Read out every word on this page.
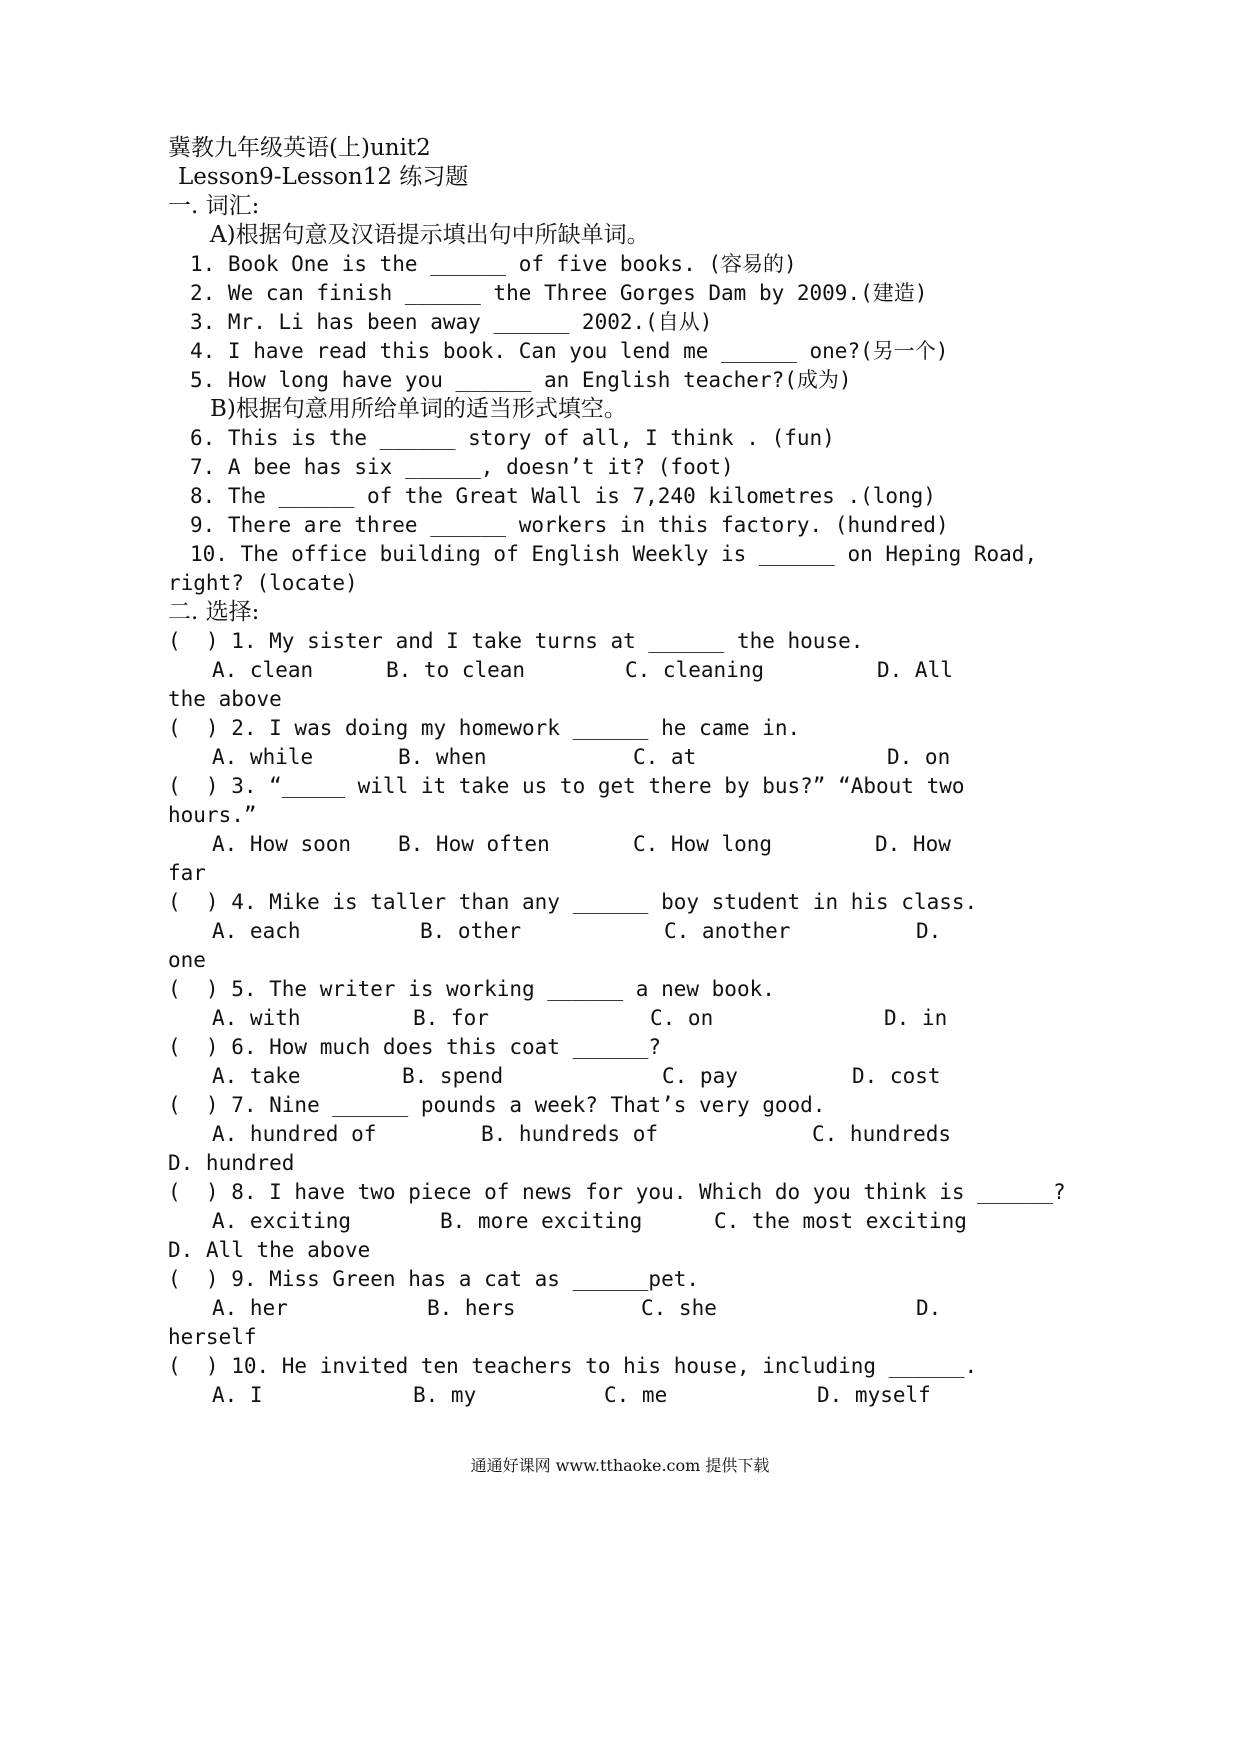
冀教九年级英语(上)unit2
Lesson9-Lesson12 练习题
一. 词汇:
A)根据句意及汉语提示填出句中所缺单词。
1. Book One is the ______ of five books. (容易的)
2. We can finish ______ the Three Gorges Dam by 2009.(建造)
3. Mr. Li has been away ______ 2002.(自从)
4. I have read this book. Can you lend me ______ one?(另一个)
5. How long have you ______ an English teacher?(成为)
B)根据句意用所给单词的适当形式填空。
6. This is the ______ story of all, I think . (fun)
7. A bee has six ______, doesn’t it? (foot)
8. The ______ of the Great Wall is 7,240 kilometres .(long)
9. There are three ______ workers in this factory. (hundred)
10. The office building of English Weekly is ______ on Heping Road,
right? (locate)
二. 选择:
(  ) 1. My sister and I take turns at ______ the house.
A. clean	B. to clean	C. cleaning	D. All
the above
(  ) 2. I was doing my homework ______ he came in.
A. while	B. when	C. at	D. on
(  ) 3. “_____ will it take us to get there by bus?” “About two
hours.”
A. How soon B. How often	C. How long	D. How
far
(  ) 4. Mike is taller than any ______ boy student in his class.
A. each	B. other	C. another	D.
one
(  ) 5. The writer is working ______ a new book.
A. with	B. for	C. on	D. in
(  ) 6. How much does this coat ______?
A. take	B. spend	C. pay	D. cost
(  ) 7. Nine ______ pounds a week? That’s very good.
A. hundred of	B. hundreds of	C. hundreds
D. hundred
(  ) 8. I have two piece of news for you. Which do you think is ______?
A. exciting	B. more exciting	C. the most exciting
D. All the above
(  ) 9. Miss Green has a cat as ______pet.
A. her	B. hers	C. she	D.
herself
(  ) 10. He invited ten teachers to his house, including ______.
A. I	B. my	C. me	D. myself
通通好课网 www.tthaoke.com 提供下载
